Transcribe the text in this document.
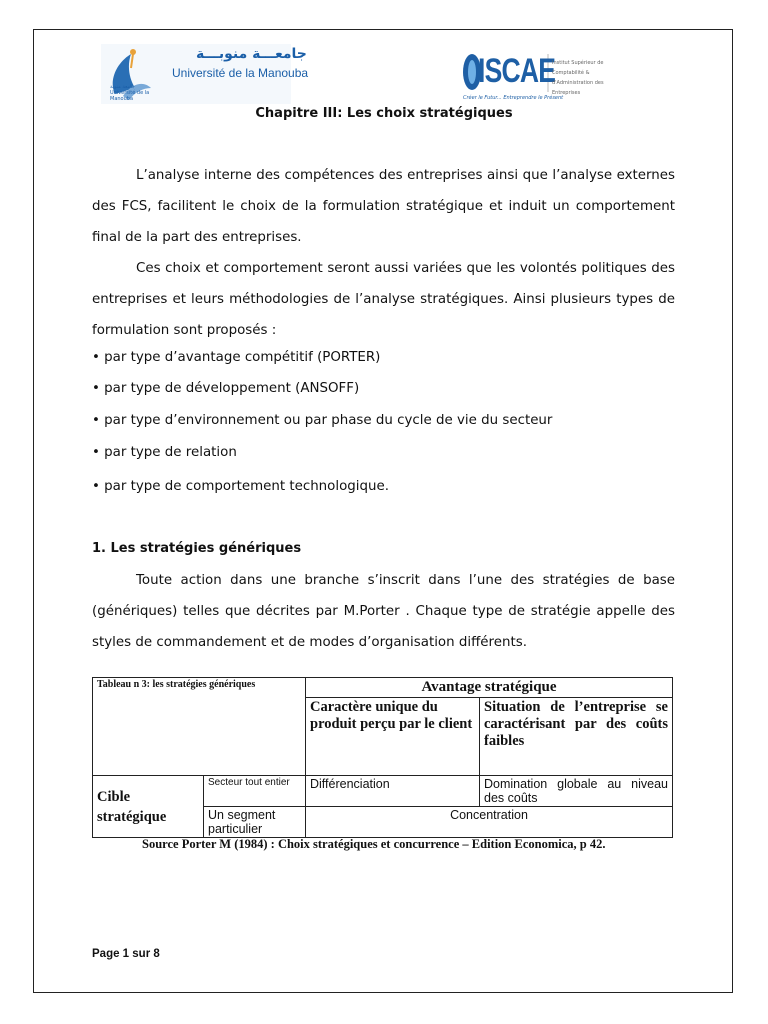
جامعـــة منوبـــة
Université de la Manouba
جامعة منوبة Université de la Manouba
ISCAE
Créer le Futur... Entreprendre le Présent
Institut Supérieur de Comptabilité & d'Administration des Entreprises
Chapitre III: Les choix stratégiques
L’analyse interne des compétences des entreprises ainsi que l’analyse externes des FCS, facilitent le choix de la formulation stratégique et induit un comportement final de la part des entreprises.
Ces choix et comportement seront aussi variées que les volontés politiques des entreprises et leurs méthodologies de l’analyse stratégiques. Ainsi plusieurs types de formulation sont proposés :
• par type d’avantage compétitif (PORTER)
• par type de développement (ANSOFF)
• par type d’environnement ou par phase du cycle de vie du secteur
• par type de relation
• par type de comportement technologique.
1. Les stratégies génériques
Toute action dans une branche s’inscrit dans l’une des stratégies de base (génériques) telles que décrites par M.Porter . Chaque type de stratégie appelle des styles de commandement et de modes d’organisation différents.
Tableau n 3: les stratégies génériques		Avantage stratégique	
		Caractère unique du produit perçu par le client	Situation de l’entreprise se caractérisant par des coûts faibles
Cible stratégique	Secteur tout entier	Différenciation	Domination globale au niveau des coûts
	Un segment particulier	Concentration	
Source Porter M (1984) : Choix stratégiques et concurrence – Edition Economica, p 42.
Page 1 sur 8
